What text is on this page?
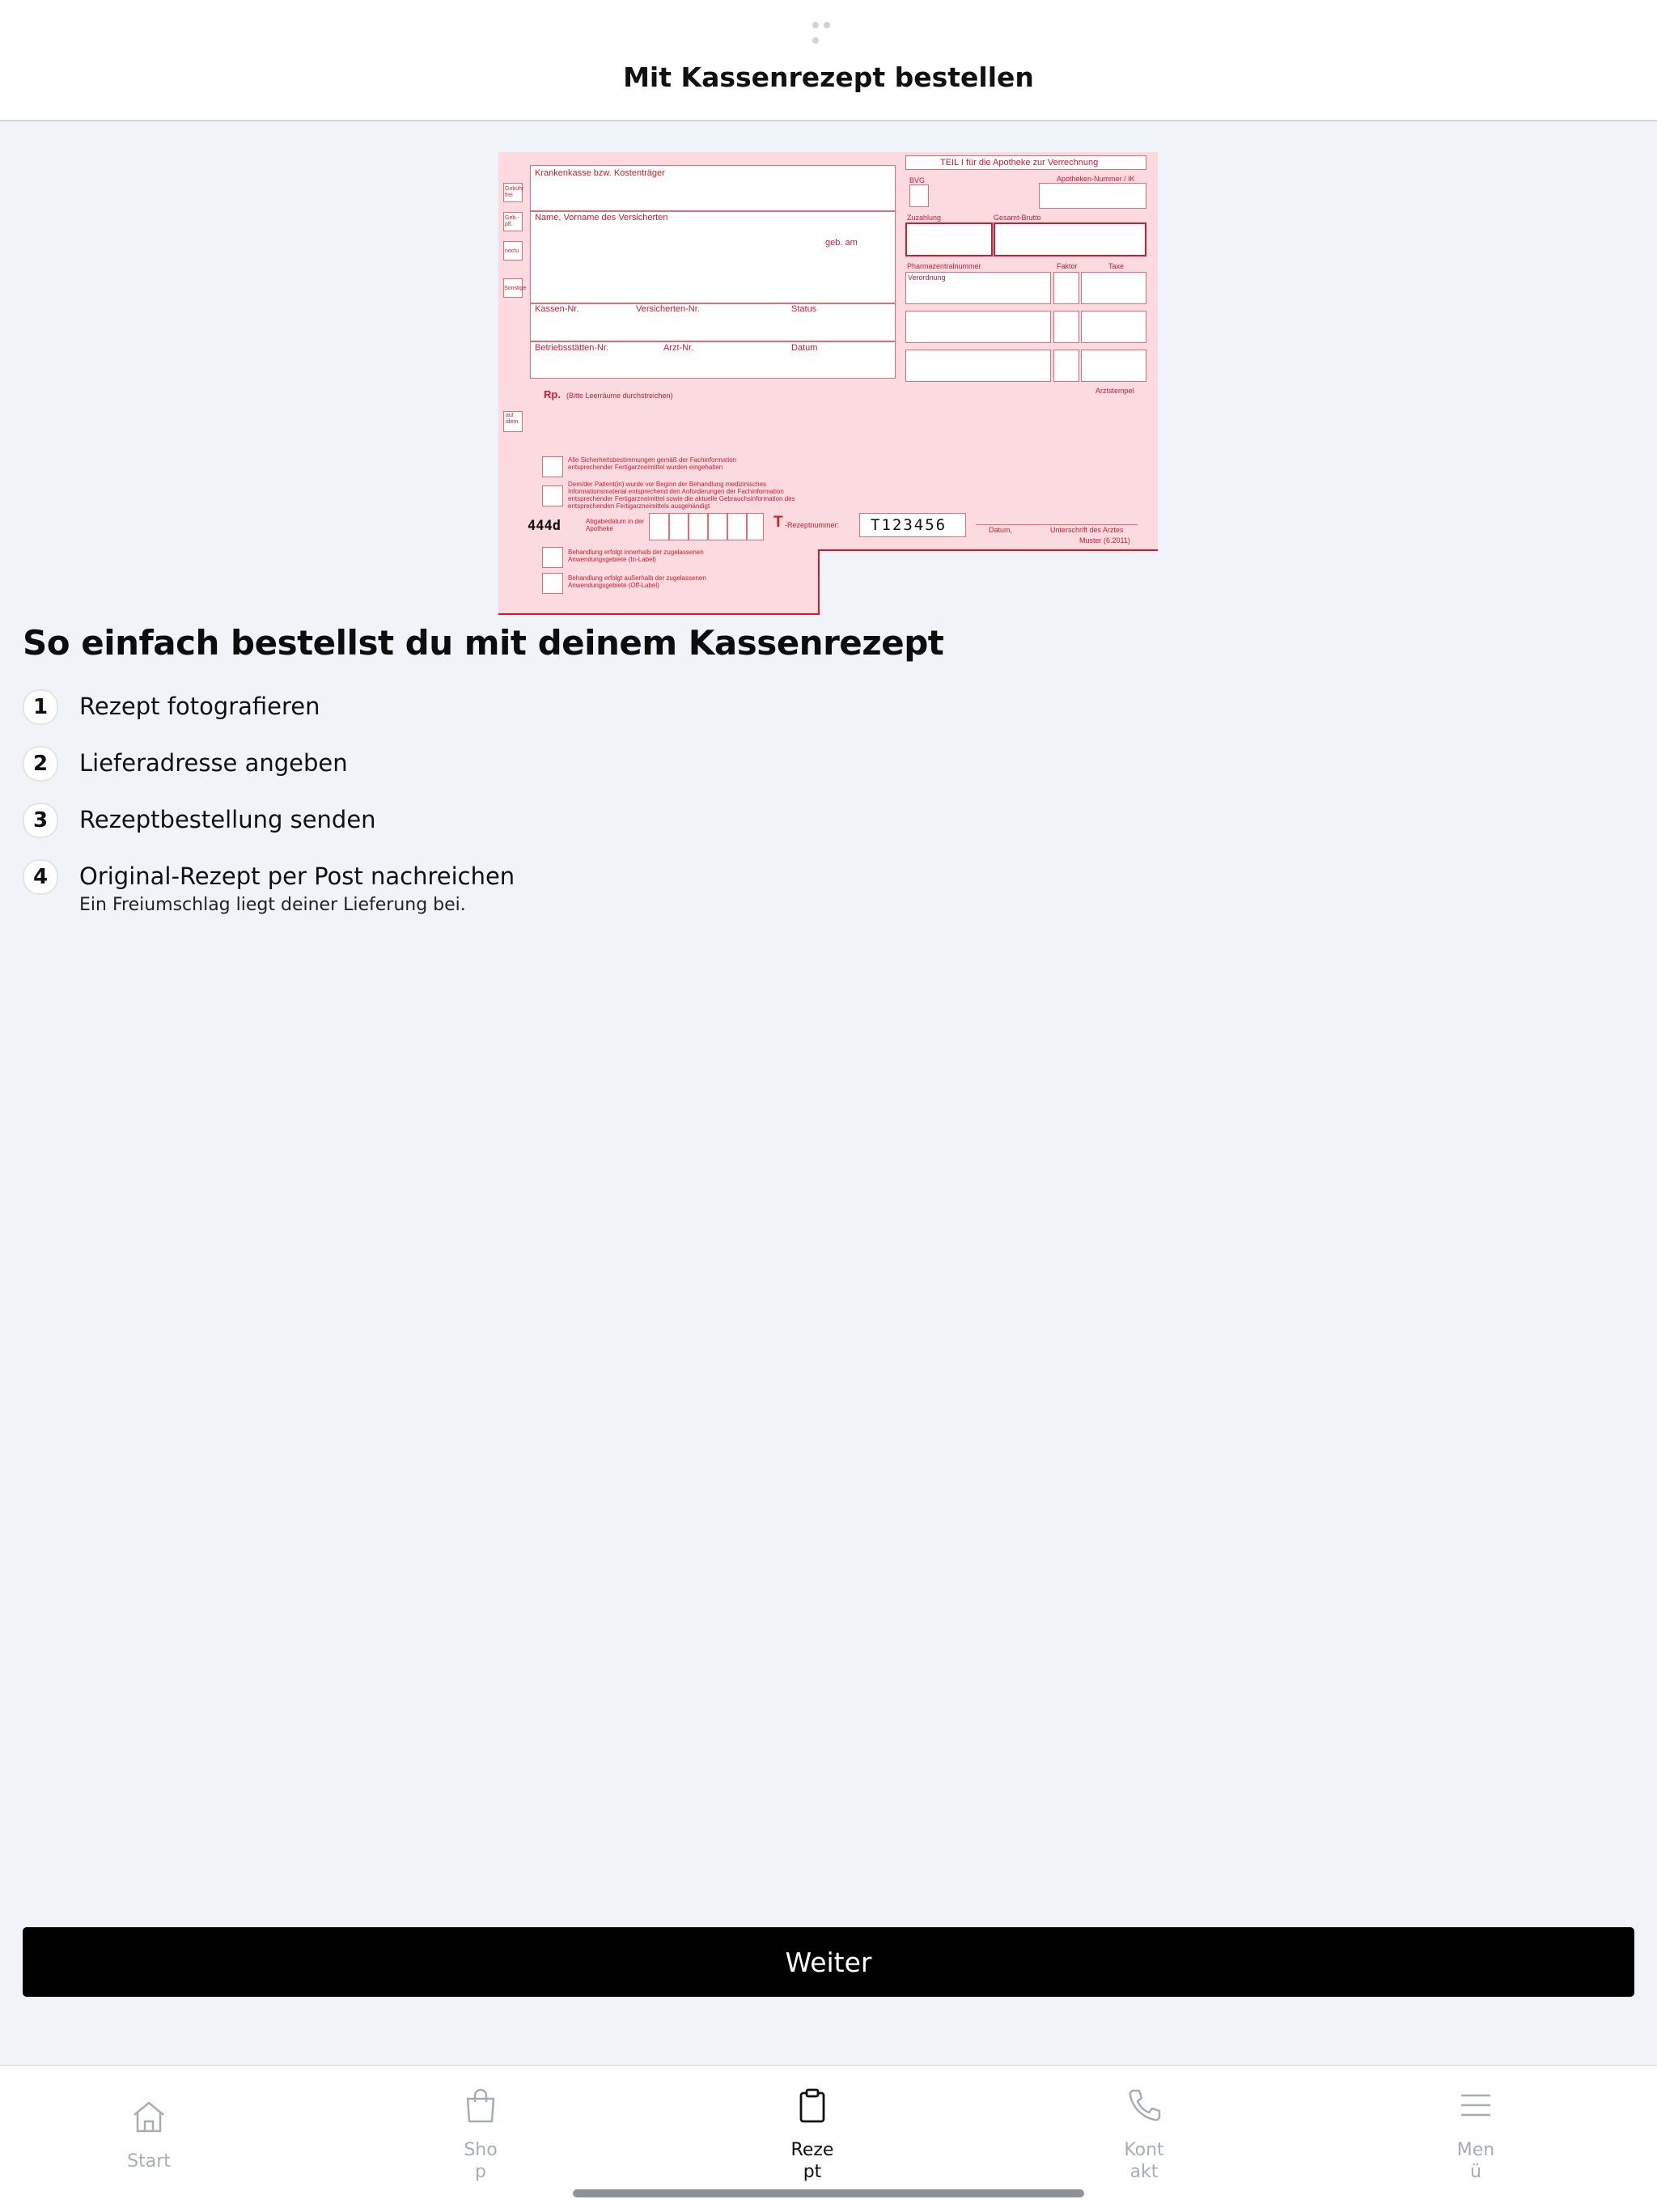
Mit Kassenrezept bestellen
Krankenkasse bzw. Kostenträger
Name, Vorname des Versicherten
geb. am
Kassen-Nr.	Versicherten-Nr.	Status
Betriebsstätten-Nr.	Arzt-Nr.	Datum
Gebühr frei
Geb.-pfl.
noctu
Sonstige
aut idem
Rp. (Bitte Leerräume durchstreichen)
TEIL I für die Apotheke zur Verrechnung
BVG	Apotheken-Nummer / IK
Zuzahlung	Gesamt-Brutto
Pharmazentralnummer	Faktor	Taxe
Verordnung
Arztstempel
Alle Sicherheitsbestimmungen gemäß der Fachinformation entsprechender Fertigarzneimittel wurden eingehalten
Dem/der Patient(in) wurde vor Beginn der Behandlung medizinisches Informationsmaterial entsprechend den Anforderungen der Fachinformation entsprechender Fertigarzneimittel sowie die aktuelle Gebrauchsinformation des entsprechenden Fertigarzneimittels ausgehändigt
444d	Abgabedatum in der Apotheke	T -Rezeptnummer: T123456	Datum,	Unterschrift des Arztes
Muster (6.2011)
Behandlung erfolgt innerhalb der zugelassenen Anwendungsgebiete (In-Label)
Behandlung erfolgt außerhalb der zugelassenen Anwendungsgebiete (Off-Label)
So einfach bestellst du mit deinem Kassenrezept
1	Rezept fotografieren
2	Lieferadresse angeben
3	Rezeptbestellung senden
4	Original-Rezept per Post nachreichen
Ein Freiumschlag liegt deiner Lieferung bei.
Weiter
Start
Sho
p
Reze
pt
Kont
akt
Men
ü
